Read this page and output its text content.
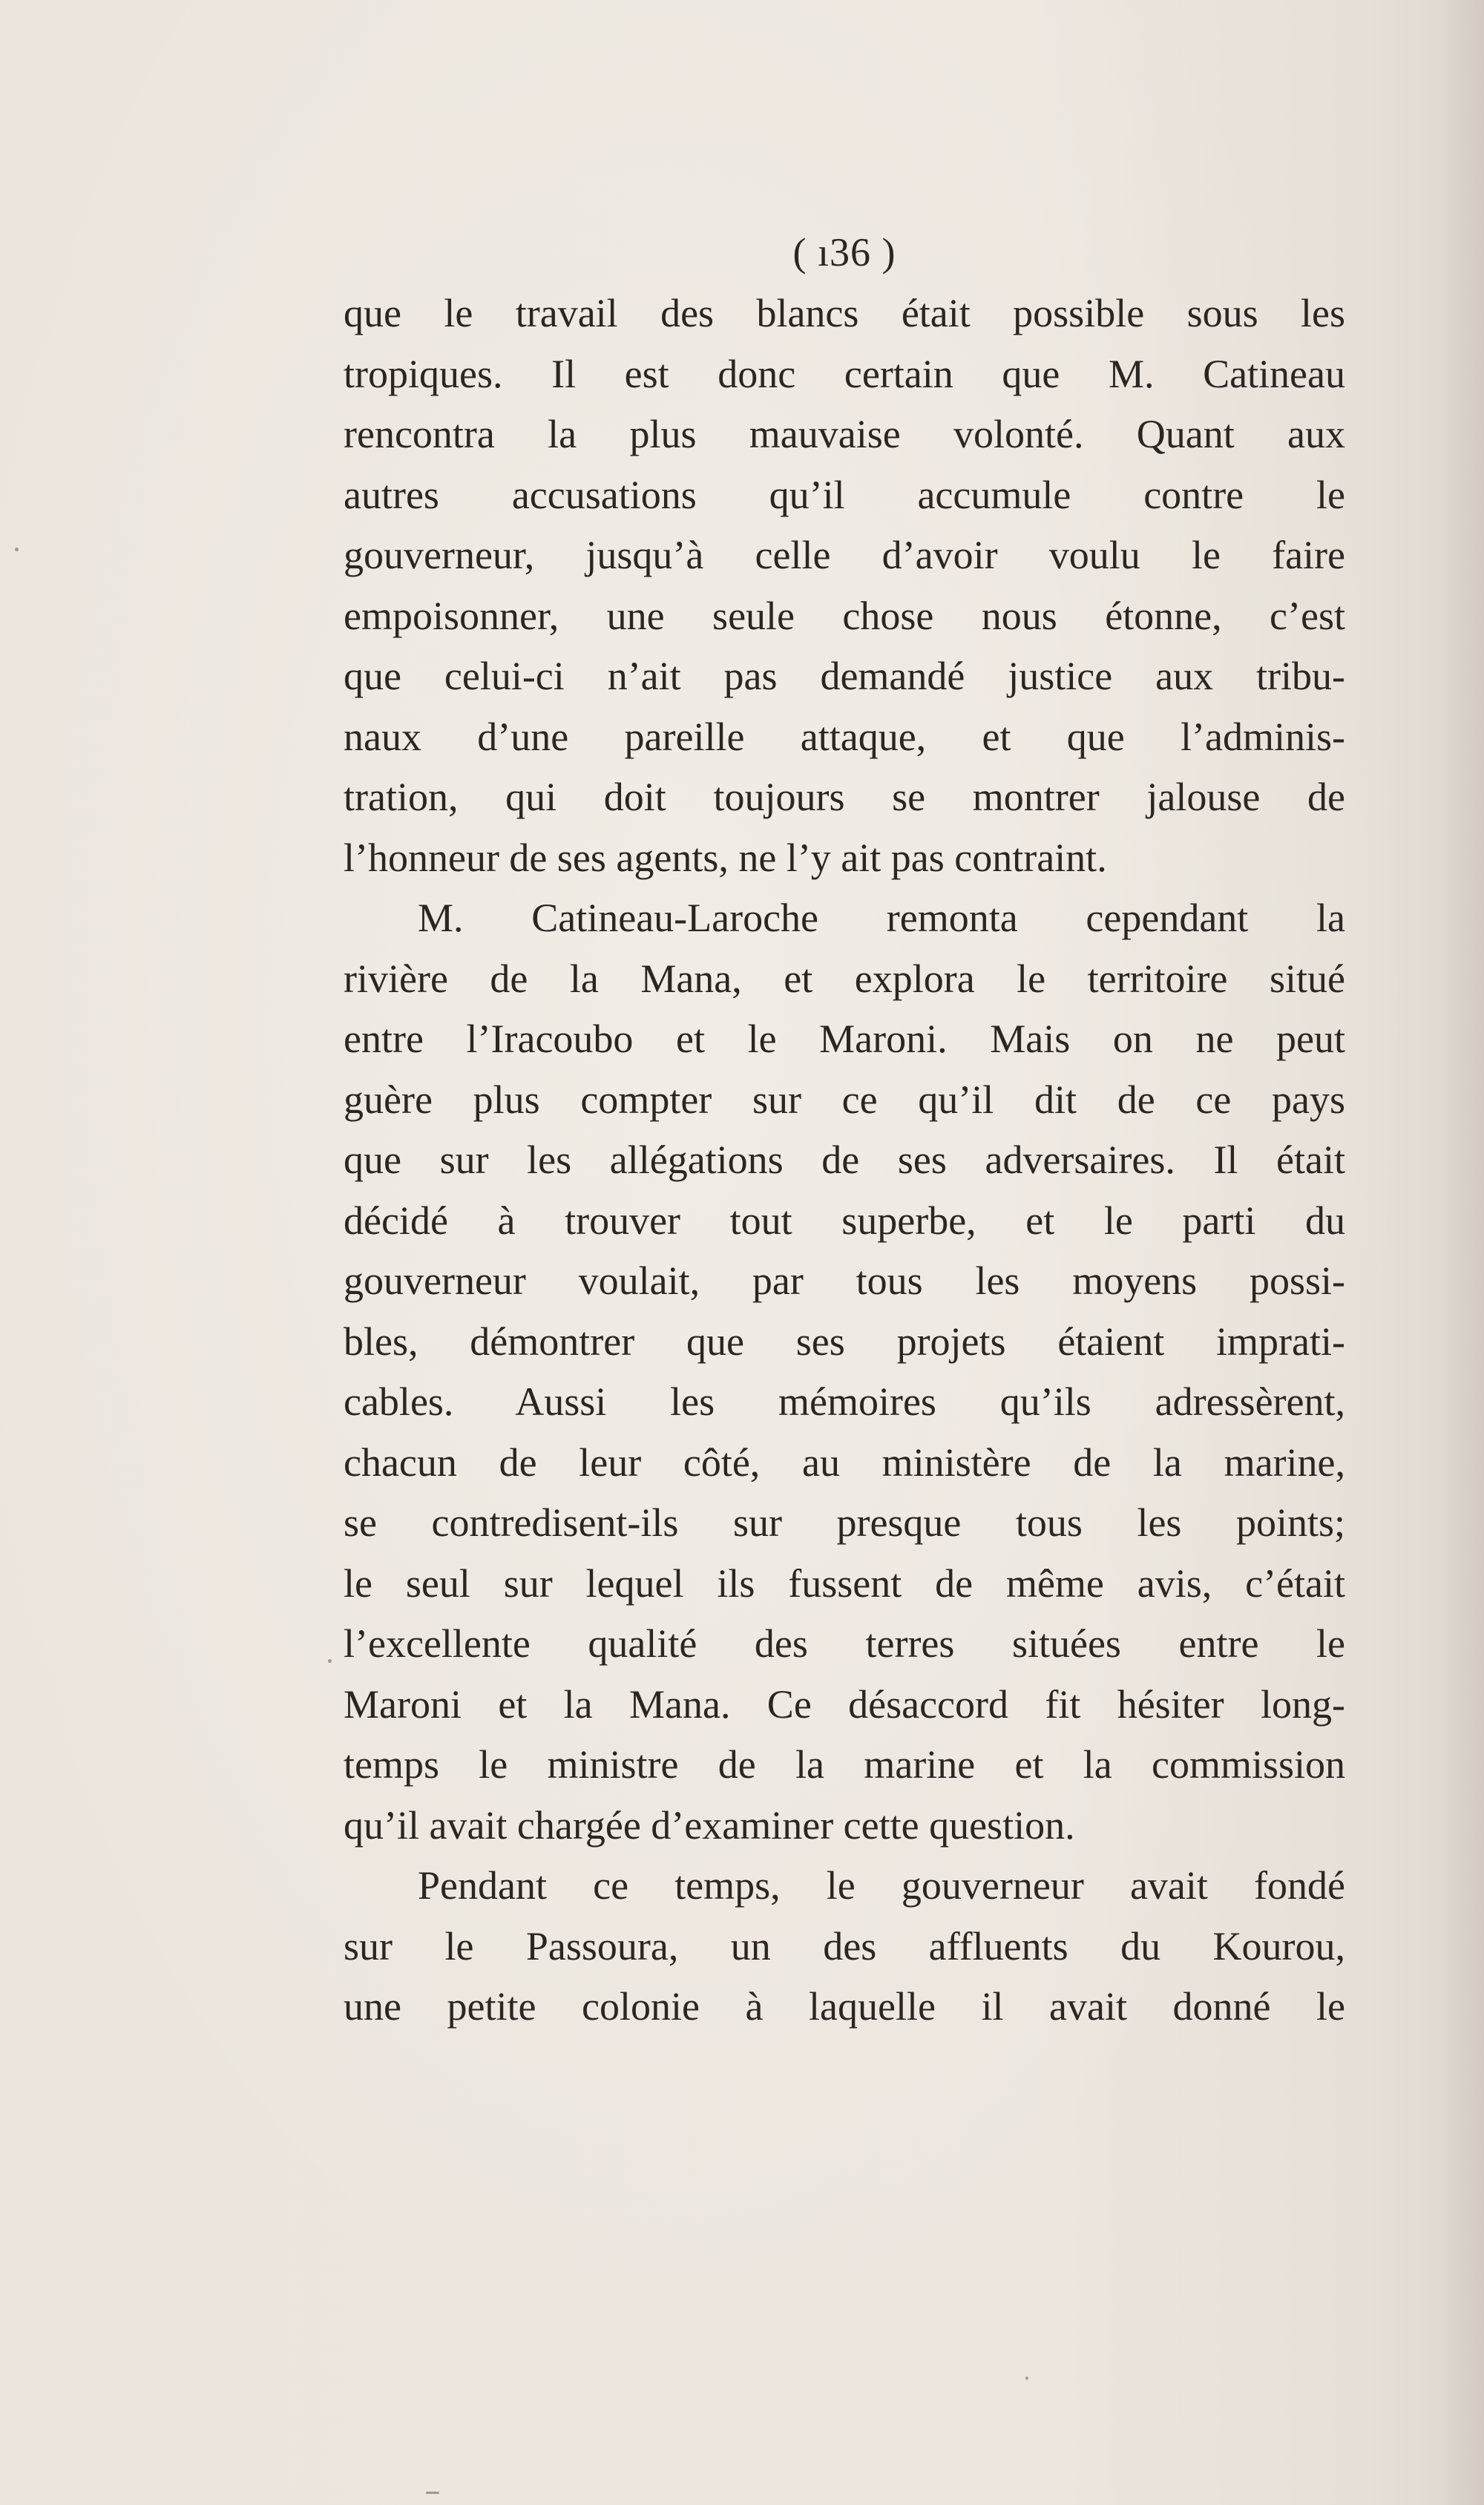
( ı36 )
que le travail des blancs était possible sous les
tropiques. Il est donc certain que M. Catineau
rencontra la plus mauvaise volonté. Quant aux
autres accusations qu’il accumule contre le
gouverneur, jusqu’à celle d’avoir voulu le faire
empoisonner, une seule chose nous étonne, c’est
que celui-ci n’ait pas demandé justice aux tribu-
naux d’une pareille attaque, et que l’adminis-
tration, qui doit toujours se montrer jalouse de
l’honneur de ses agents, ne l’y ait pas contraint.
M. Catineau-Laroche remonta cependant la
rivière de la Mana, et explora le territoire situé
entre l’Iracoubo et le Maroni. Mais on ne peut
guère plus compter sur ce qu’il dit de ce pays
que sur les allégations de ses adversaires. Il était
décidé à trouver tout superbe, et le parti du
gouverneur voulait, par tous les moyens possi-
bles, démontrer que ses projets étaient imprati-
cables. Aussi les mémoires qu’ils adressèrent,
chacun de leur côté, au ministère de la marine,
se contredisent-ils sur presque tous les points;
le seul sur lequel ils fussent de même avis, c’était
l’excellente qualité des terres situées entre le
Maroni et la Mana. Ce désaccord fit hésiter long-
temps le ministre de la marine et la commission
qu’il avait chargée d’examiner cette question.
Pendant ce temps, le gouverneur avait fondé
sur le Passoura, un des affluents du Kourou,
une petite colonie à laquelle il avait donné le
